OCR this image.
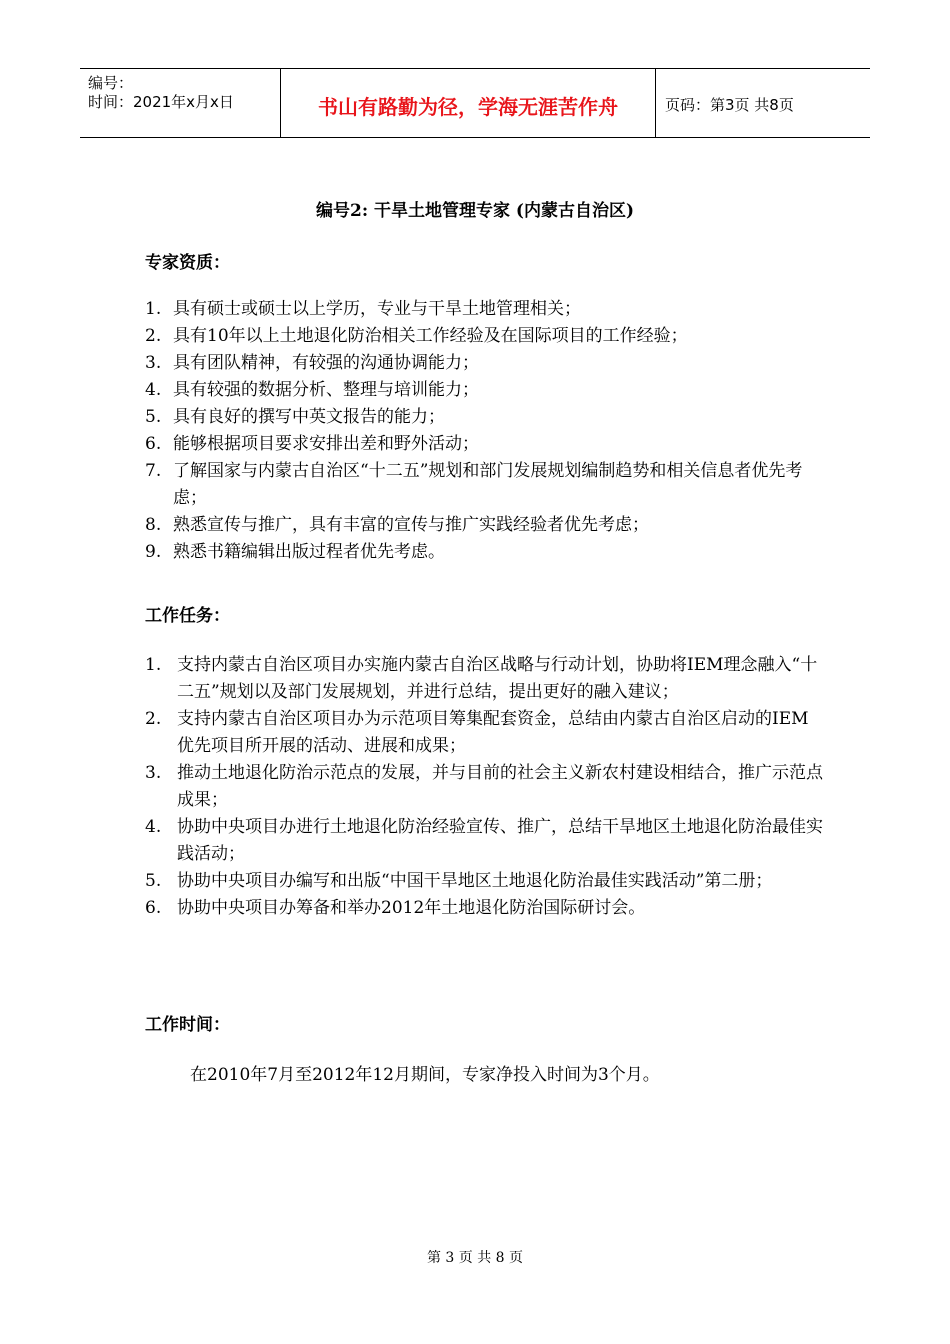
编号：
时间：2021年x月x日	书山有路勤为径，学海无涯苦作舟	页码：第3页 共8页
编号2: 干旱土地管理专家 (内蒙古自治区)
专家资质：
1. 具有硕士或硕士以上学历，专业与干旱土地管理相关；
2. 具有10年以上土地退化防治相关工作经验及在国际项目的工作经验；
3. 具有团队精神，有较强的沟通协调能力；
4. 具有较强的数据分析、整理与培训能力；
5. 具有良好的撰写中英文报告的能力；
6. 能够根据项目要求安排出差和野外活动；
7. 了解国家与内蒙古自治区“十二五”规划和部门发展规划编制趋势和相关信息者优先考虑；
8. 熟悉宣传与推广，具有丰富的宣传与推广实践经验者优先考虑；
9. 熟悉书籍编辑出版过程者优先考虑。
工作任务：
1. 支持内蒙古自治区项目办实施内蒙古自治区战略与行动计划，协助将IEM理念融入“十二五”规划以及部门发展规划，并进行总结，提出更好的融入建议；
2. 支持内蒙古自治区项目办为示范项目筹集配套资金，总结由内蒙古自治区启动的IEM优先项目所开展的活动、进展和成果；
3. 推动土地退化防治示范点的发展，并与目前的社会主义新农村建设相结合，推广示范点成果；
4. 协助中央项目办进行土地退化防治经验宣传、推广，总结干旱地区土地退化防治最佳实践活动；
5. 协助中央项目办编写和出版“中国干旱地区土地退化防治最佳实践活动”第二册；
6. 协助中央项目办筹备和举办2012年土地退化防治国际研讨会。
工作时间：
在2010年7月至2012年12月期间，专家净投入时间为3个月。
第 3 页 共 8 页
